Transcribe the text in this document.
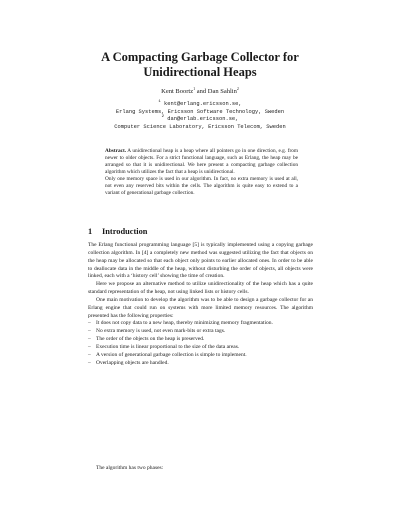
A Compacting Garbage Collector for
Unidirectional Heaps
Kent Boortz$^1$ and Dan Sahlin$^2$
$^1$ kent@erlang.ericsson.se,
Erlang Systems, Ericsson Software Technology, Sweden
$^2$ dan@erlab.ericsson.se,
Computer Science Laboratory, Ericsson Telecom, Sweden

Abstract. A unidirectional heap is a heap where all pointers go in one direction, e.g. from newer to older objects. For a strict functional language, such as Erlang, the heap may be arranged so that it is unidirectional. We here present a compacting garbage collection algorithm which utilizes the fact that a heap is unidirectional.

Only one memory space is used in our algorithm. In fact, no extra memory is used at all, not even any reserved bits within the cells. The algorithm is quite easy to extend to a variant of generational garbage collection.

1 Introduction

The Erlang functional programming language [5] is typically implemented using a copying garbage collection algorithm. In [4] a completely new method was suggested utilizing the fact that objects on the heap may be allocated so that each object only points to earlier allocated ones. In order to be able to deallocate data in the middle of the heap, without disturbing the order of objects, all objects were linked, each with a ‘history cell’ showing the time of creation.

Here we propose an alternative method to utilize unidirectionality of the heap which has a quite standard representation of the heap, not using linked lists or history cells.

One main motivation to develop the algorithm was to be able to design a garbage collector for an Erlang engine that could run on systems with more limited memory resources. The algorithm presented has the following properties:

– It does not copy data to a new heap, thereby minimizing memory fragmentation.
– No extra memory is used, not even mark-bits or extra tags.
– The order of the objects on the heap is preserved.
– Execution time is linear proportional to the size of the data areas.
– A version of generational garbage collection is simple to implement.
– Overlapping objects are handled.
The algorithm has two phases:
